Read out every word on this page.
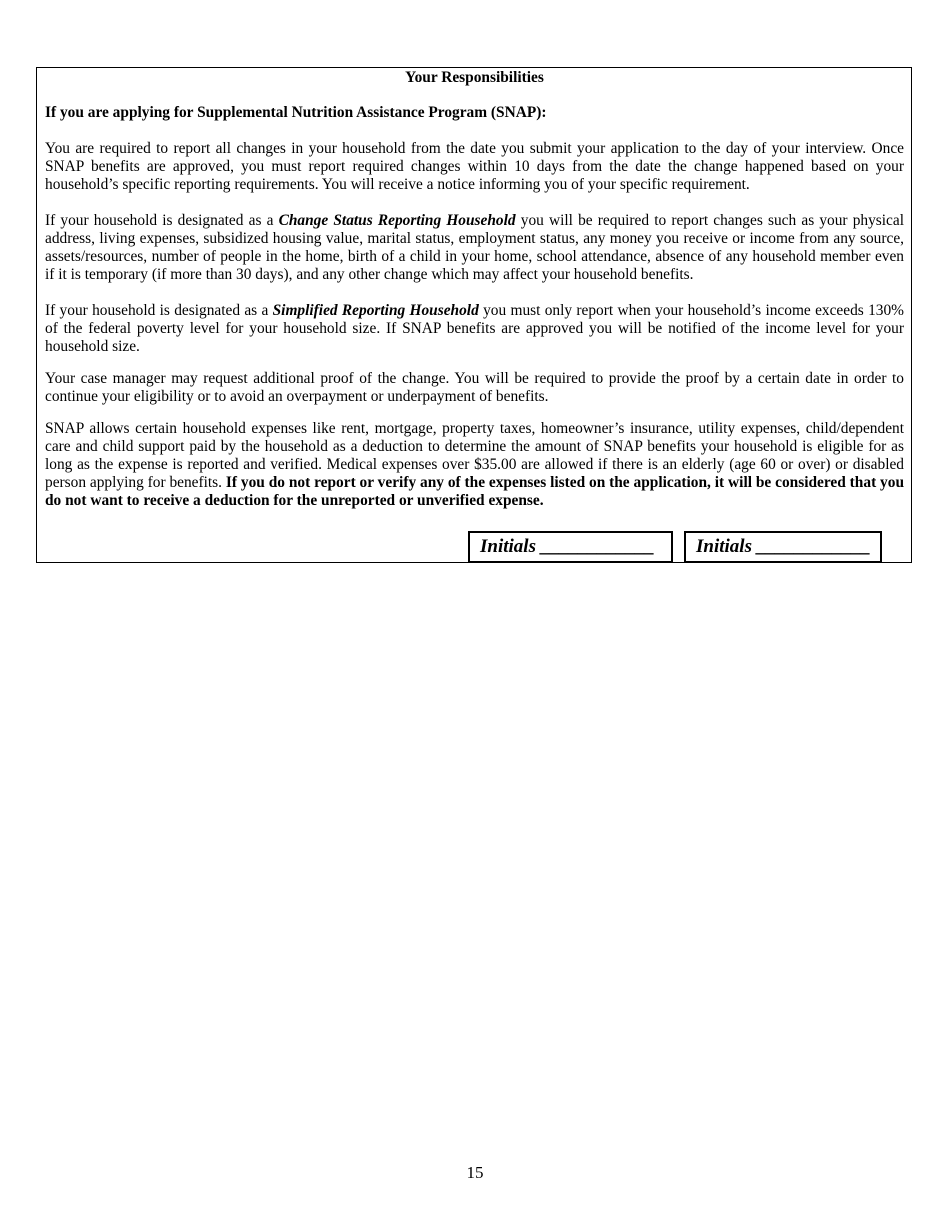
Your Responsibilities
If you are applying for Supplemental Nutrition Assistance Program (SNAP):

You are required to report all changes in your household from the date you submit your application to the day of your interview. Once SNAP benefits are approved, you must report required changes within 10 days from the date the change happened based on your household’s specific reporting requirements. You will receive a notice informing you of your specific requirement.

If your household is designated as a Change Status Reporting Household you will be required to report changes such as your physical address, living expenses, subsidized housing value, marital status, employment status, any money you receive or income from any source, assets/resources, number of people in the home, birth of a child in your home, school attendance, absence of any household member even if it is temporary (if more than 30 days), and any other change which may affect your household benefits.

If your household is designated as a Simplified Reporting Household you must only report when your household’s income exceeds 130% of the federal poverty level for your household size. If SNAP benefits are approved you will be notified of the income level for your household size.

Your case manager may request additional proof of the change. You will be required to provide the proof by a certain date in order to continue your eligibility or to avoid an overpayment or underpayment of benefits.

SNAP allows certain household expenses like rent, mortgage, property taxes, homeowner’s insurance, utility expenses, child/dependent care and child support paid by the household as a deduction to determine the amount of SNAP benefits your household is eligible for as long as the expense is reported and verified. Medical expenses over $35.00 are allowed if there is an elderly (age 60 or over) or disabled person applying for benefits. If you do not report or verify any of the expenses listed on the application, it will be considered that you do not want to receive a deduction for the unreported or unverified expense.

Initials ____________	Initials ____________
15
